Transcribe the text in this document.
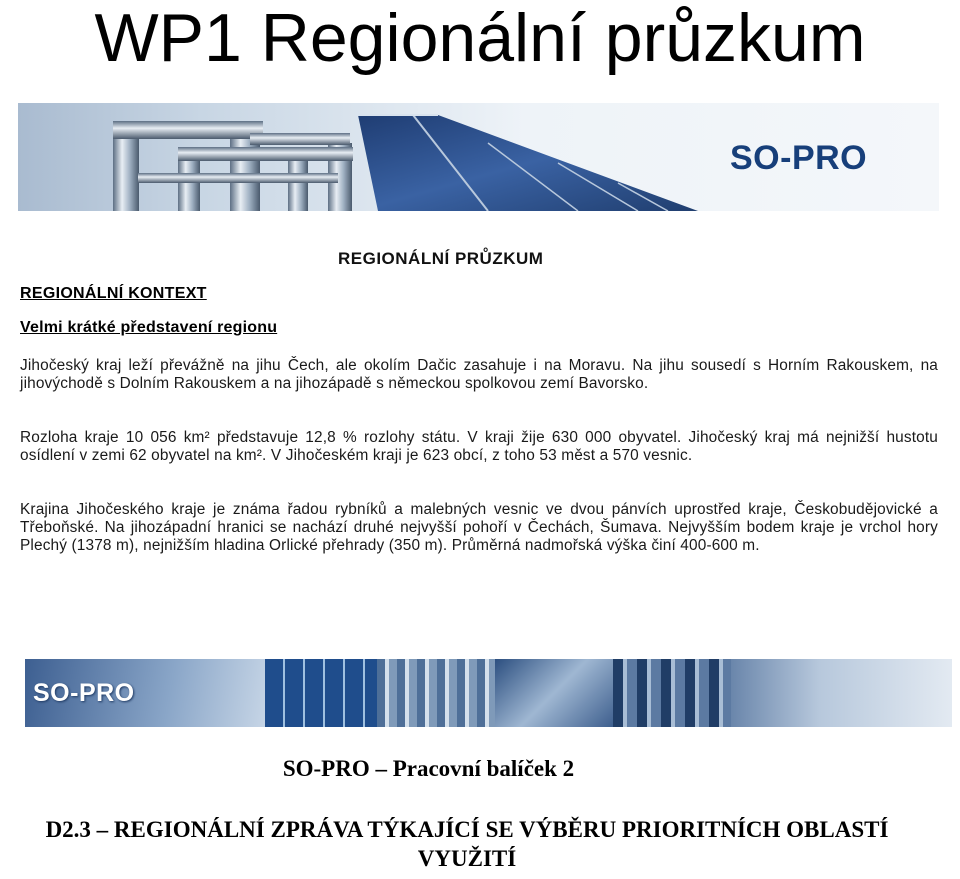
WP1 Regionální průzkum
SO-PRO
REGIONÁLNÍ PRŮZKUM
REGIONÁLNÍ KONTEXT
Velmi krátké představení regionu
Jihočeský kraj leží převážně na jihu Čech, ale okolím Dačic zasahuje i na Moravu. Na jihu sousedí s Horním Rakouskem, na jihovýchodě s Dolním Rakouskem a na jihozápadě s německou spolkovou zemí Bavorsko.
Rozloha kraje 10 056 km² představuje 12,8 % rozlohy státu. V kraji žije 630 000 obyvatel. Jihočeský kraj má nejnižší hustotu osídlení v zemi 62 obyvatel na km². V Jihočeském kraji je 623 obcí, z toho 53 měst a 570 vesnic.
Krajina Jihočeského kraje je známa řadou rybníků a malebných vesnic ve dvou pánvích uprostřed kraje, Českobudějovické a Třeboňské. Na jihozápadní hranici se nachází druhé nejvyšší pohoří v Čechách, Šumava. Nejvyšším bodem kraje je vrchol hory Plechý (1378 m), nejnižším hladina Orlické přehrady (350 m). Průměrná nadmořská výška činí 400-600 m.
SO-PRO
SO-PRO – Pracovní balíček 2
D2.3 – REGIONÁLNÍ ZPRÁVA TÝKAJÍCÍ SE VÝBĚRU PRIORITNÍCH OBLASTÍ VYUŽITÍ
